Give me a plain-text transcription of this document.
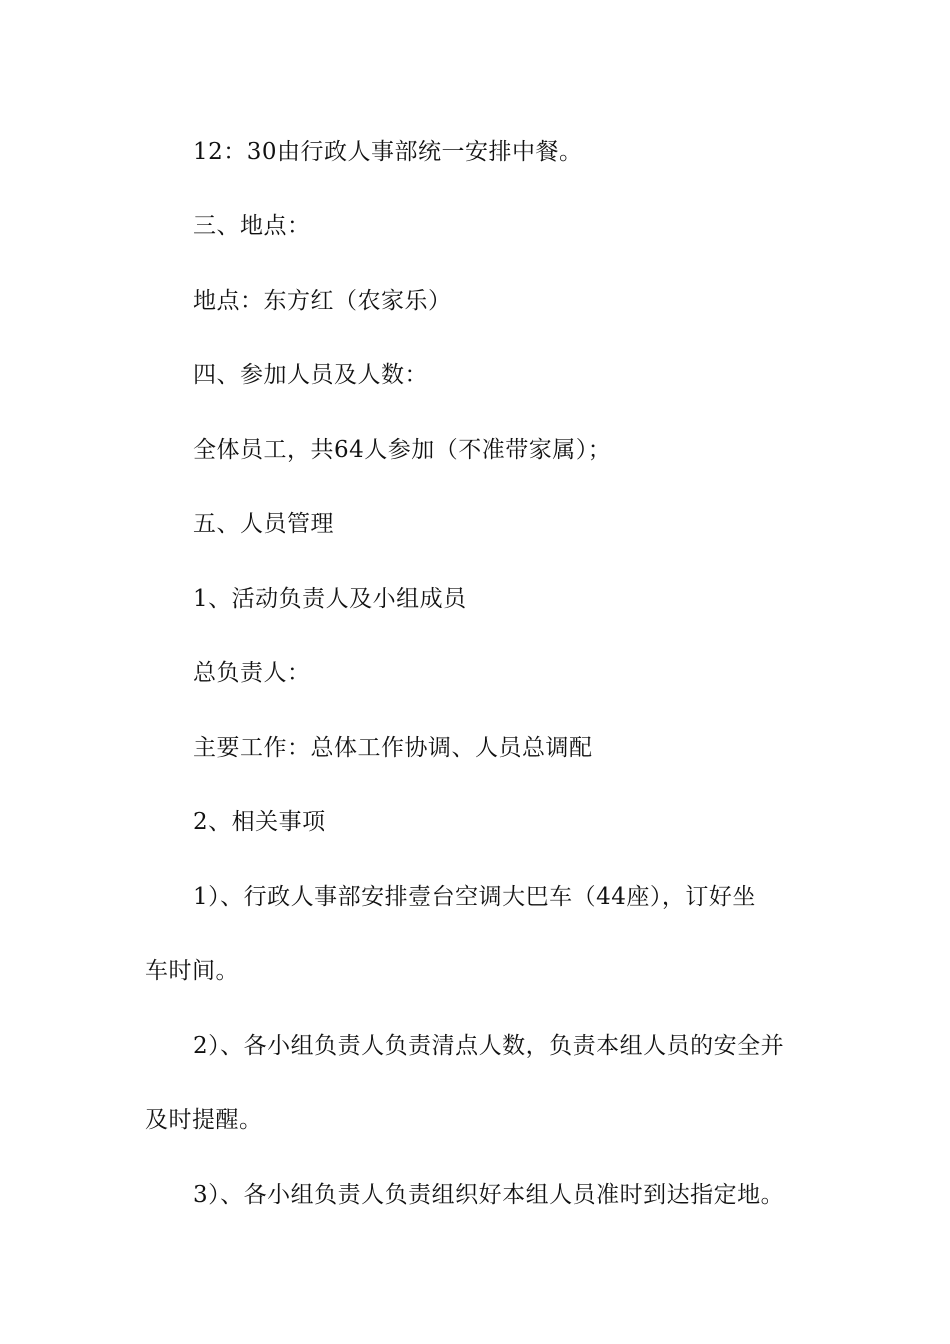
12：30由行政人事部统一安排中餐。
三、地点：
地点：东方红（农家乐）
四、参加人员及人数：
全体员工，共64人参加（不准带家属）；
五、人员管理
1、活动负责人及小组成员
总负责人：
主要工作：总体工作协调、人员总调配
2、相关事项
1）、行政人事部安排壹台空调大巴车（44座），订好坐
车时间。
2）、各小组负责人负责清点人数，负责本组人员的安全并
及时提醒。
3）、各小组负责人负责组织好本组人员准时到达指定地。
